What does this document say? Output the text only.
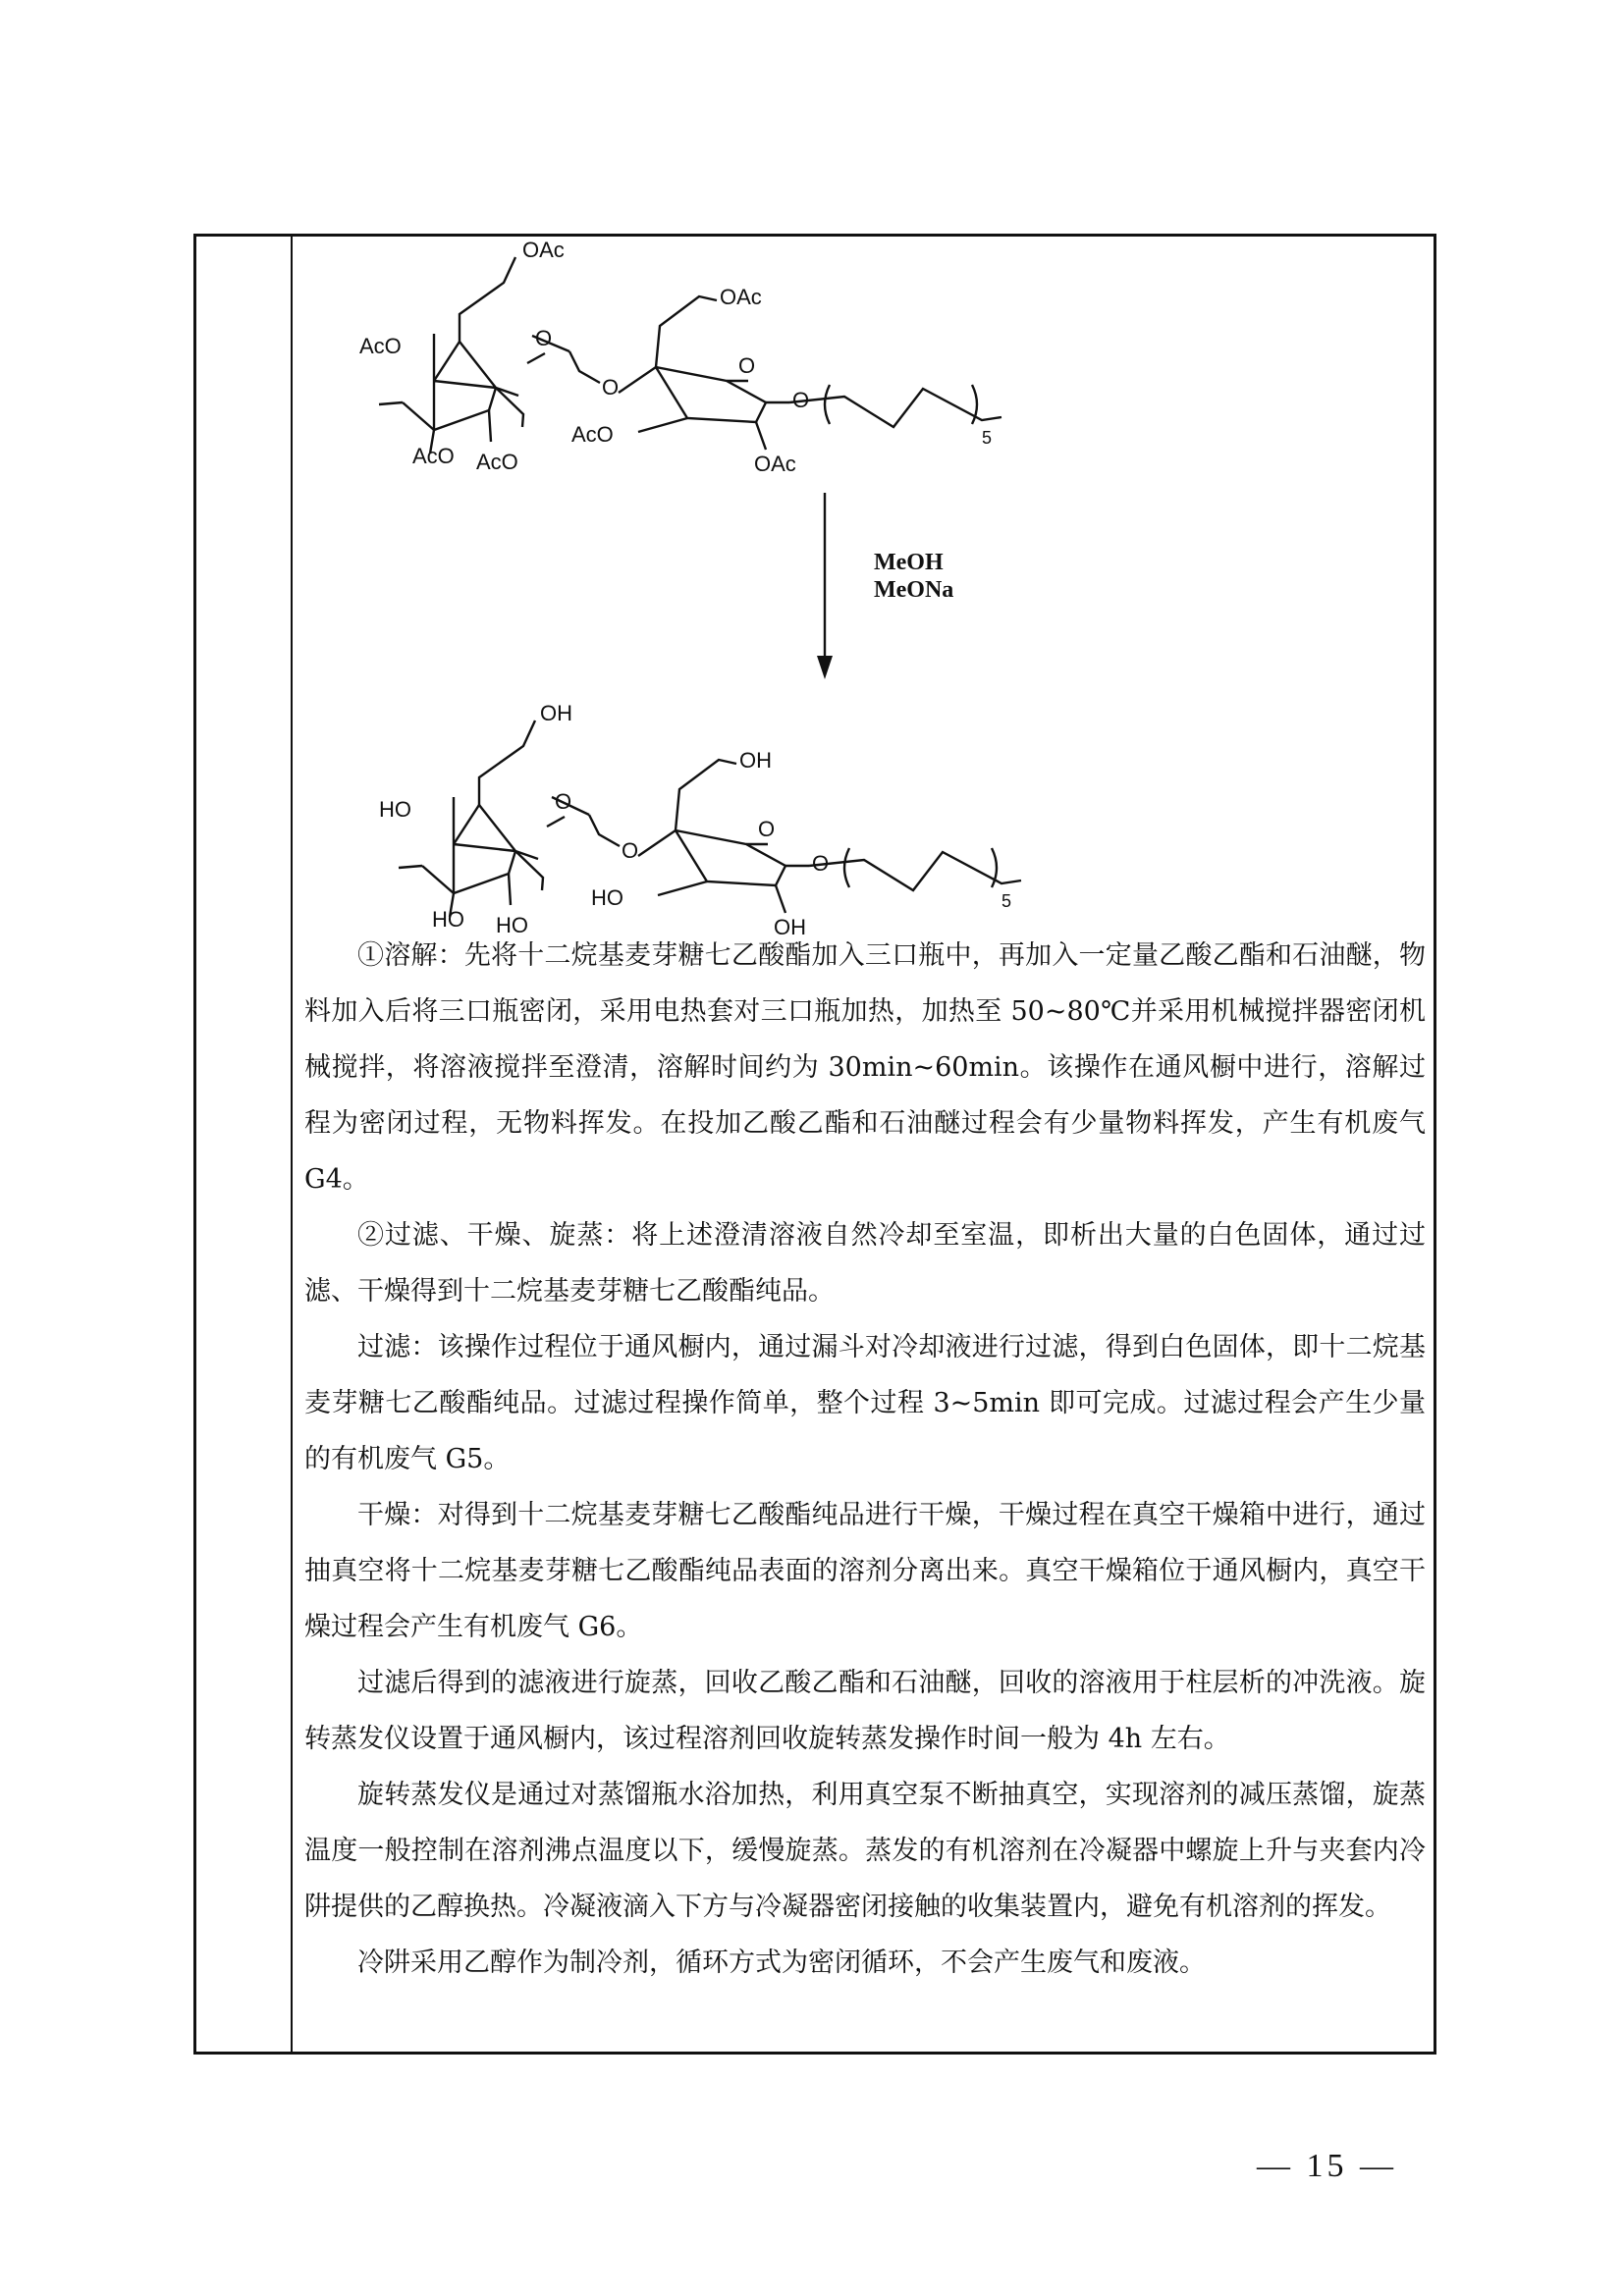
OAc
AcO	O
AcO AcO
O
OAc
O
AcO
OAc
O
5
MeOH
MeONa
OH
HO	O
HO HO
O
OH
O
HO
OH
O
5

①溶解：先将十二烷基麦芽糖七乙酸酯加入三口瓶中，再加入一定量乙酸乙酯和石油醚，物料加入后将三口瓶密闭，采用电热套对三口瓶加热，加热至 50~80℃并采用机械搅拌器密闭机械搅拌，将溶液搅拌至澄清，溶解时间约为 30min~60min。该操作在通风橱中进行，溶解过程为密闭过程，无物料挥发。在投加乙酸乙酯和石油醚过程会有少量物料挥发，产生有机废气 G4。

②过滤、干燥、旋蒸：将上述澄清溶液自然冷却至室温，即析出大量的白色固体，通过过滤、干燥得到十二烷基麦芽糖七乙酸酯纯品。

过滤：该操作过程位于通风橱内，通过漏斗对冷却液进行过滤，得到白色固体，即十二烷基麦芽糖七乙酸酯纯品。过滤过程操作简单，整个过程 3~5min 即可完成。过滤过程会产生少量的有机废气 G5。

干燥：对得到十二烷基麦芽糖七乙酸酯纯品进行干燥，干燥过程在真空干燥箱中进行，通过抽真空将十二烷基麦芽糖七乙酸酯纯品表面的溶剂分离出来。真空干燥箱位于通风橱内，真空干燥过程会产生有机废气 G6。

过滤后得到的滤液进行旋蒸，回收乙酸乙酯和石油醚，回收的溶液用于柱层析的冲洗液。旋转蒸发仪设置于通风橱内，该过程溶剂回收旋转蒸发操作时间一般为 4h 左右。

旋转蒸发仪是通过对蒸馏瓶水浴加热，利用真空泵不断抽真空，实现溶剂的减压蒸馏，旋蒸温度一般控制在溶剂沸点温度以下，缓慢旋蒸。蒸发的有机溶剂在冷凝器中螺旋上升与夹套内冷阱提供的乙醇换热。冷凝液滴入下方与冷凝器密闭接触的收集装置内，避免有机溶剂的挥发。

冷阱采用乙醇作为制冷剂，循环方式为密闭循环，不会产生废气和废液。

— 15 —
